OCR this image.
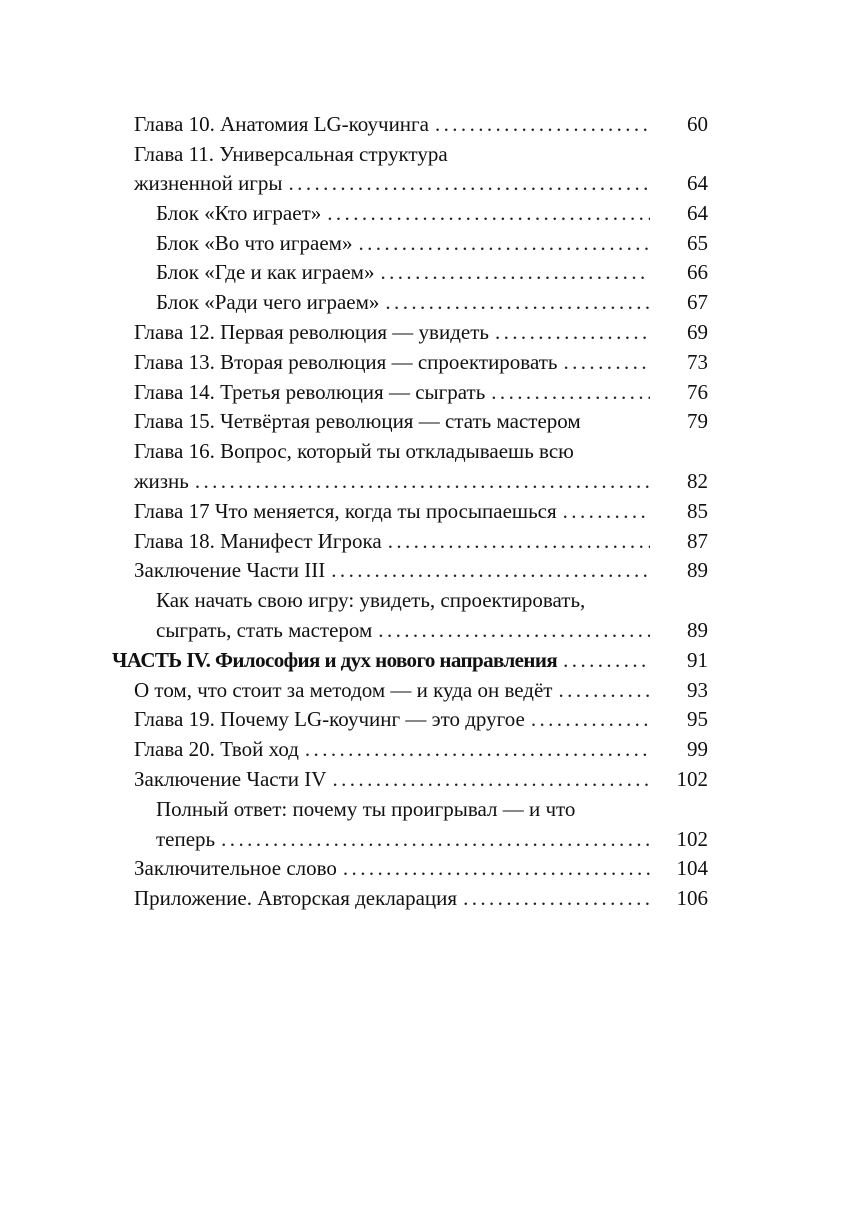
Глава 10. Анатомия LG-коучинга .....	60
Глава 11. Универсальная структура
жизненной игры .....	64
Блок «Кто играет» .....	64
Блок «Во что играем» .....	65
Блок «Где и как играем» .....	66
Блок «Ради чего играем» .....	67
Глава 12. Первая революция — увидеть .....	69
Глава 13. Вторая революция — спроектировать .....	73
Глава 14. Третья революция — сыграть .....	76
Глава 15. Четвёртая революция — стать мастером	79
Глава 16. Вопрос, который ты откладываешь всю
жизнь .....	82
Глава 17 Что меняется, когда ты просыпаешься .....	85
Глава 18. Манифест Игрока .....	87
Заключение Части III .....	89
Как начать свою игру: увидеть, спроектировать,
сыграть, стать мастером .....	89
ЧАСТЬ IV. Философия и дух нового направления .....	91
О том, что стоит за методом — и куда он ведёт .....	93
Глава 19. Почему LG-коучинг — это другое .....	95
Глава 20. Твой ход .....	99
Заключение Части IV .....	102
Полный ответ: почему ты проигрывал — и что
теперь .....	102
Заключительное слово .....	104
Приложение. Авторская декларация .....	106
